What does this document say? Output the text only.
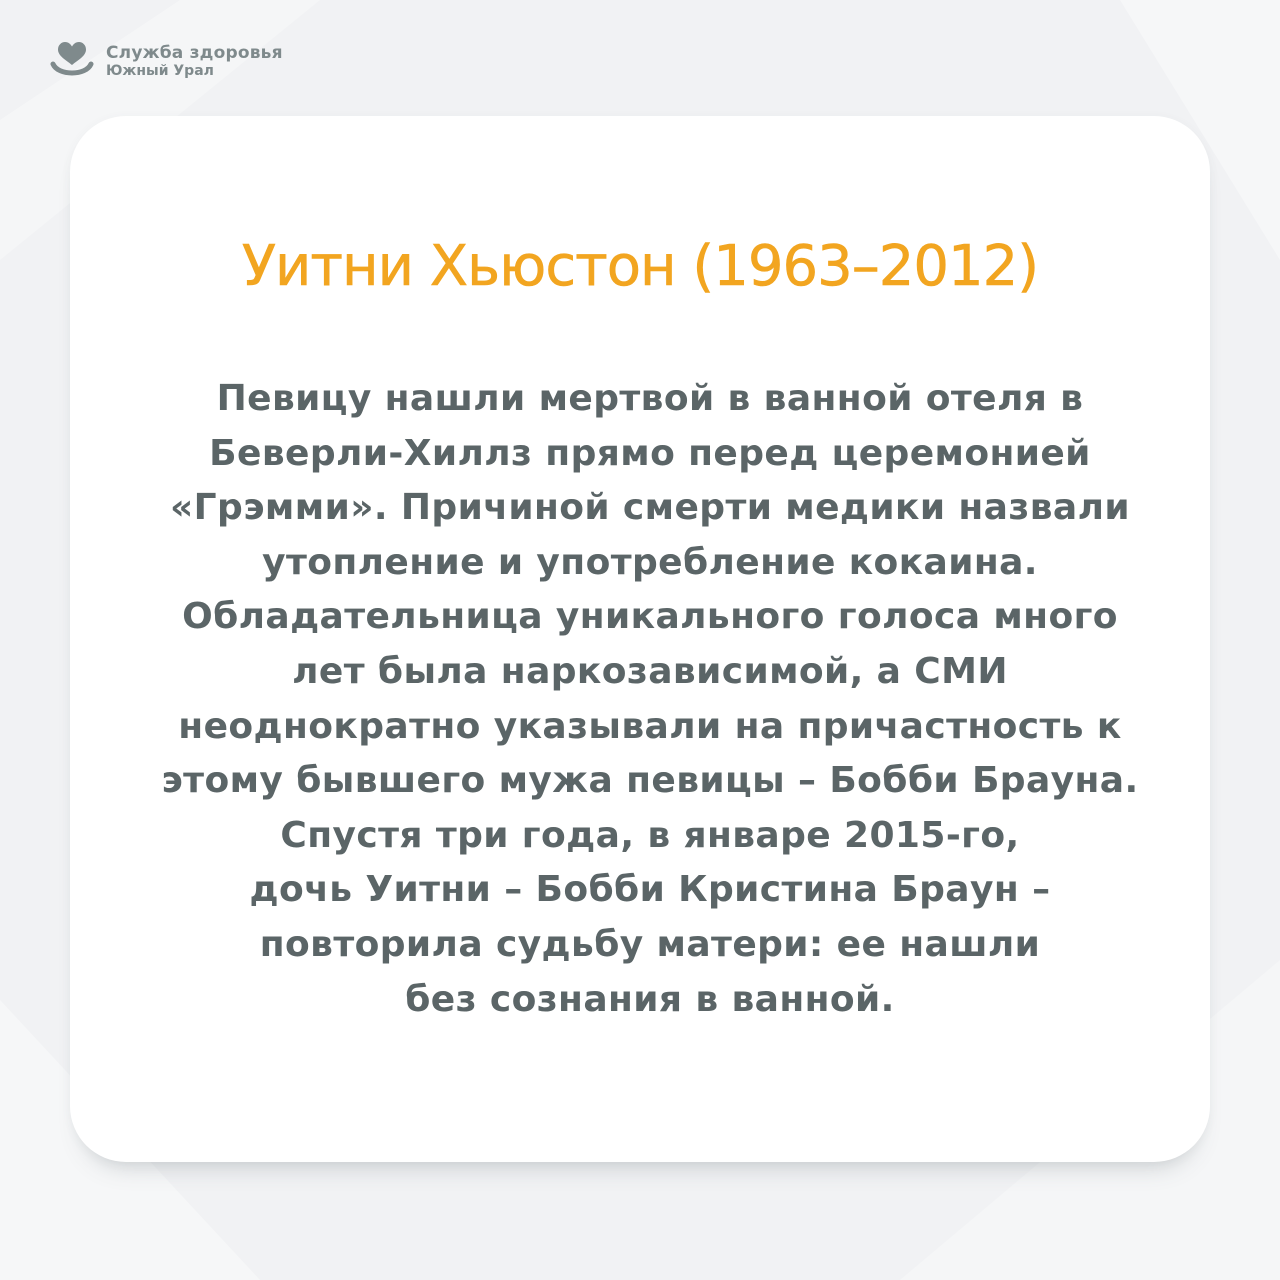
Служба здоровья
Южный Урал
Уитни Хьюстон (1963–2012)
Певицу нашли мертвой в ванной отеля в
Беверли-Хиллз прямо перед церемонией
«Грэмми». Причиной смерти медики назвали
утопление и употребление кокаина.
Обладательница уникального голоса много
лет была наркозависимой, а СМИ
неоднократно указывали на причастность к
этому бывшего мужа певицы – Бобби Брауна.
Спустя три года, в январе 2015-го,
дочь Уитни – Бобби Кристина Браун –
повторила судьбу матери: ее нашли
без сознания в ванной.
